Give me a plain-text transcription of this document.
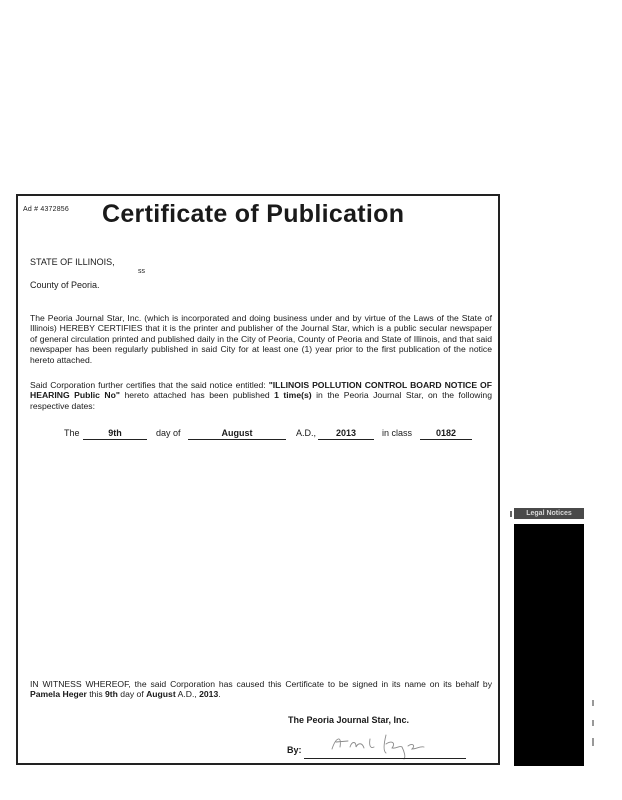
Ad # 4372856 Certificate of Publication
STATE OF ILLINOIS,
ss
County of Peoria.

The Peoria Journal Star, Inc. (which is incorporated and doing business under and by virtue of the Laws of the State of Illinois) HEREBY CERTIFIES that it is the printer and publisher of the Journal Star, which is a public secular newspaper of general circulation printed and published daily in the City of Peoria, County of Peoria and State of Illinois, and that said newspaper has been regularly published in said City for at least one (1) year prior to the first publication of the notice hereto attached.

Said Corporation further certifies that the said notice entitled: "ILLINOIS POLLUTION CONTROL BOARD NOTICE OF HEARING Public No" hereto attached has been published 1 time(s) in the Peoria Journal Star, on the following respective dates:

The	9th	day of	August	A.D.,	2013	in class	0182

IN WITNESS WHEREOF, the said Corporation has caused this Certificate to be signed in its name on its behalf by Pamela Heger this 9th day of August A.D., 2013.

The Peoria Journal Star, Inc.
By:
Legal Notices
